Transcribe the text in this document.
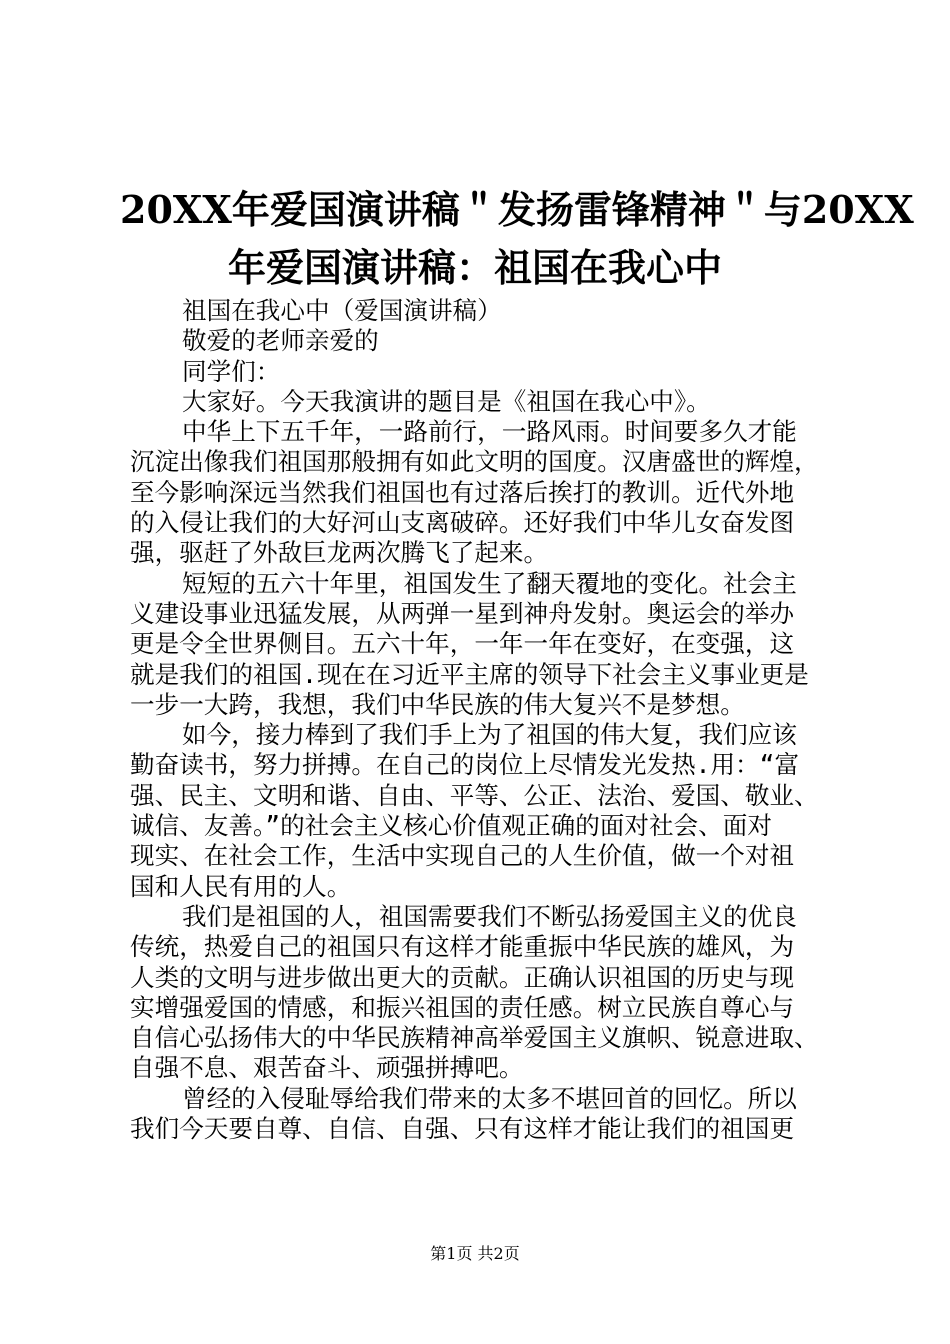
20XX年爱国演讲稿＂发扬雷锋精神＂与20XX
年爱国演讲稿：祖国在我心中
祖国在我心中（爱国演讲稿）
敬爱的老师亲爱的
同学们：
大家好。今天我演讲的题目是《祖国在我心中》。
中华上下五千年，一路前行，一路风雨。时间要多久才能
沉淀出像我们祖国那般拥有如此文明的国度。汉唐盛世的辉煌，
至今影响深远当然我们祖国也有过落后挨打的教训。近代外地
的入侵让我们的大好河山支离破碎。还好我们中华儿女奋发图
强，驱赶了外敌巨龙两次腾飞了起来。
短短的五六十年里，祖国发生了翻天覆地的变化。社会主
义建设事业迅猛发展，从两弹一星到神舟发射。奥运会的举办
更是令全世界侧目。五六十年，一年一年在变好，在变强，这
就是我们的祖国.现在在习近平主席的领导下社会主义事业更是
一步一大跨，我想，我们中华民族的伟大复兴不是梦想。
如今，接力棒到了我们手上为了祖国的伟大复，我们应该
勤奋读书，努力拼搏。在自己的岗位上尽情发光发热.用：“富
强、民主、文明和谐、自由、平等、公正、法治、爱国、敬业、
诚信、友善。”的社会主义核心价值观正确的面对社会、面对
现实、在社会工作，生活中实现自己的人生价值，做一个对祖
国和人民有用的人。
我们是祖国的人，祖国需要我们不断弘扬爱国主义的优良
传统，热爱自己的祖国只有这样才能重振中华民族的雄风，为
人类的文明与进步做出更大的贡献。正确认识祖国的历史与现
实增强爱国的情感，和振兴祖国的责任感。树立民族自尊心与
自信心弘扬伟大的中华民族精神高举爱国主义旗帜、锐意进取、
自强不息、艰苦奋斗、顽强拼搏吧。
曾经的入侵耻辱给我们带来的太多不堪回首的回忆。所以
我们今天要自尊、自信、自强、只有这样才能让我们的祖国更
第1页 共2页
